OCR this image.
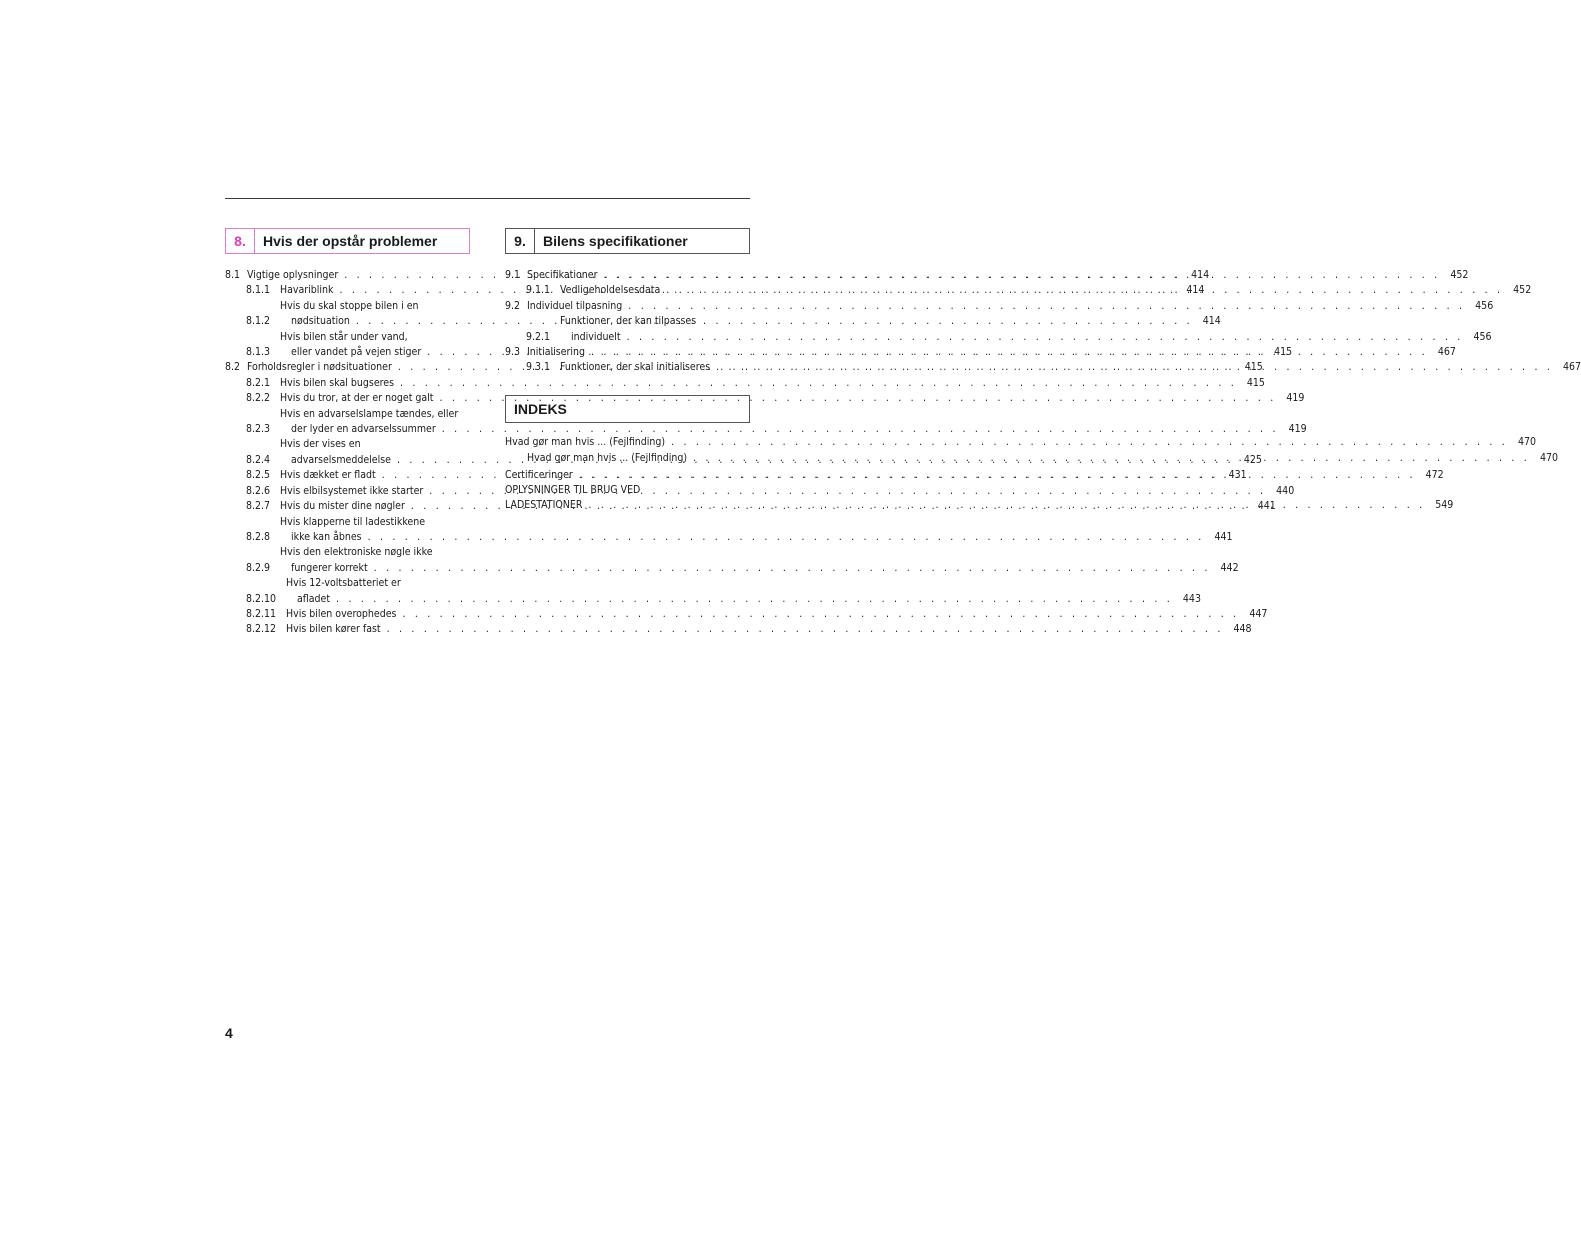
8.	Hvis der opstår problemer
8.1 Vigtige oplysninger . . .	414
8.1.1 Havariblink . . .	414
8.1.2
Hvis du skal stoppe bilen i en
nødsituation . . .	414
8.1.3
Hvis bilen står under vand,
eller vandet på vejen stiger . . .	415
8.2 Forholdsregler i nødsituationer . . .	415
8.2.1 Hvis bilen skal bugseres . . .	415
8.2.2 Hvis du tror, at der er noget galt . . .	419
8.2.3
Hvis en advarselslampe tændes, eller
der lyder en advarselssummer . . .	419
8.2.4
Hvis der vises en
advarselsmeddelelse . . .	425
8.2.5 Hvis dækket er fladt . . .	431
8.2.6 Hvis elbilsystemet ikke starter . . .	440
8.2.7 Hvis du mister dine nøgler . . .	441
8.2.8
Hvis klapperne til ladestikkene
ikke kan åbnes . . .	441
8.2.9
Hvis den elektroniske nøgle ikke
fungerer korrekt . . .	442
8.2.10
Hvis 12-voltsbatteriet er
afladet . . .	443
8.2.11 Hvis bilen overophedes . . .	447
8.2.12 Hvis bilen kører fast . . .	448
9.	Bilens specifikationer
9.1 Specifikationer . . .	452
9.1.1 Vedligeholdelsesdata . . .	452
9.2 Individuel tilpasning . . .	456
9.2.1
Funktioner, der kan tilpasses
individuelt . . .	456
9.3 Initialisering . . .	467
9.3.1 Funktioner, der skal initialiseres . . .	467
INDEKS
Hvad gør man hvis ... (Fejlfinding) . . .	470
Hvad gør man hvis ... (Fejlfinding) . . .	470
Certificeringer . . .	472
OPLYSNINGER TIL BRUG VED
LADESTATIONER . . .	549
4
